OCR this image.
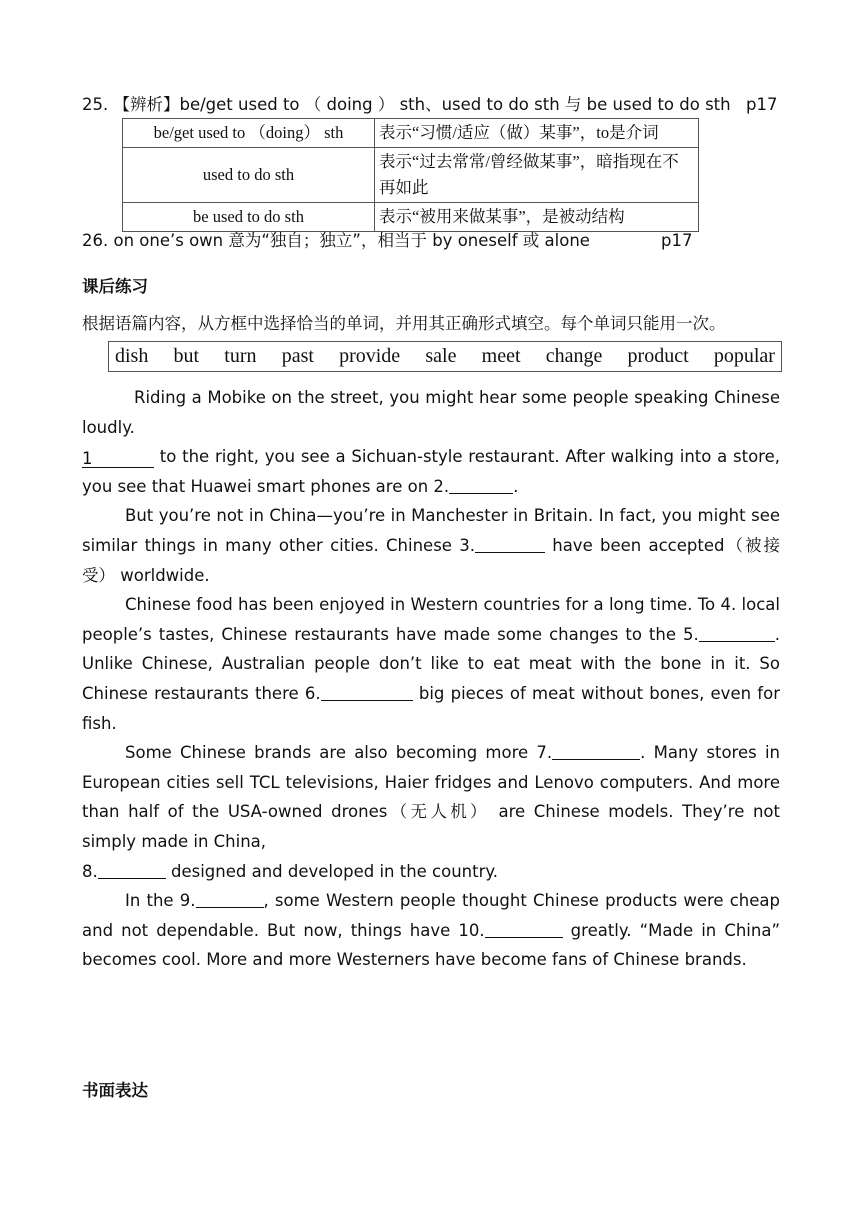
25. 【辨析】be/get used to （ doing ） sth、used to do sth 与 be used to do sth p17
be/get used to （doing） sth	表示“习惯/适应（做）某事”，to是介词
used to do sth	表示“过去常常/曾经做某事”，暗指现在不再如此
be used to do sth	表示“被用来做某事”，是被动结构
26. on one’s own 意为“独自；独立”，相当于 by oneself 或 alone	p17
课后练习
根据语篇内容，从方框中选择恰当的单词，并用其正确形式填空。每个单词只能用一次。
dish but turn past provide sale meet change product popular
Riding a Mobike on the street, you might hear some people speaking Chinese loudly.
1	to the right, you see a Sichuan-style restaurant. After walking into a store, you see that Huawei smart phones are on 2.	.
But you’re not in China—you’re in Manchester in Britain. In fact, you might see similar things in many other cities. Chinese 3.	have been accepted（被接受） worldwide.
Chinese food has been enjoyed in Western countries for a long time. To 4. local people’s tastes, Chinese restaurants have made some changes to the 5.	. Unlike Chinese, Australian people don’t like to eat meat with the bone in it. So Chinese restaurants there 6.	big pieces of meat without bones, even for fish.
Some Chinese brands are also becoming more 7.	. Many stores in European cities sell TCL televisions, Haier fridges and Lenovo computers. And more than half of the USA-owned drones（无人机） are Chinese models. They’re not simply made in China,
8.	designed and developed in the country.
In the 9.	, some Western people thought Chinese products were cheap and not dependable. But now, things have 10.	greatly. “Made in China” becomes cool. More and more Westerners have become fans of Chinese brands.
书面表达
